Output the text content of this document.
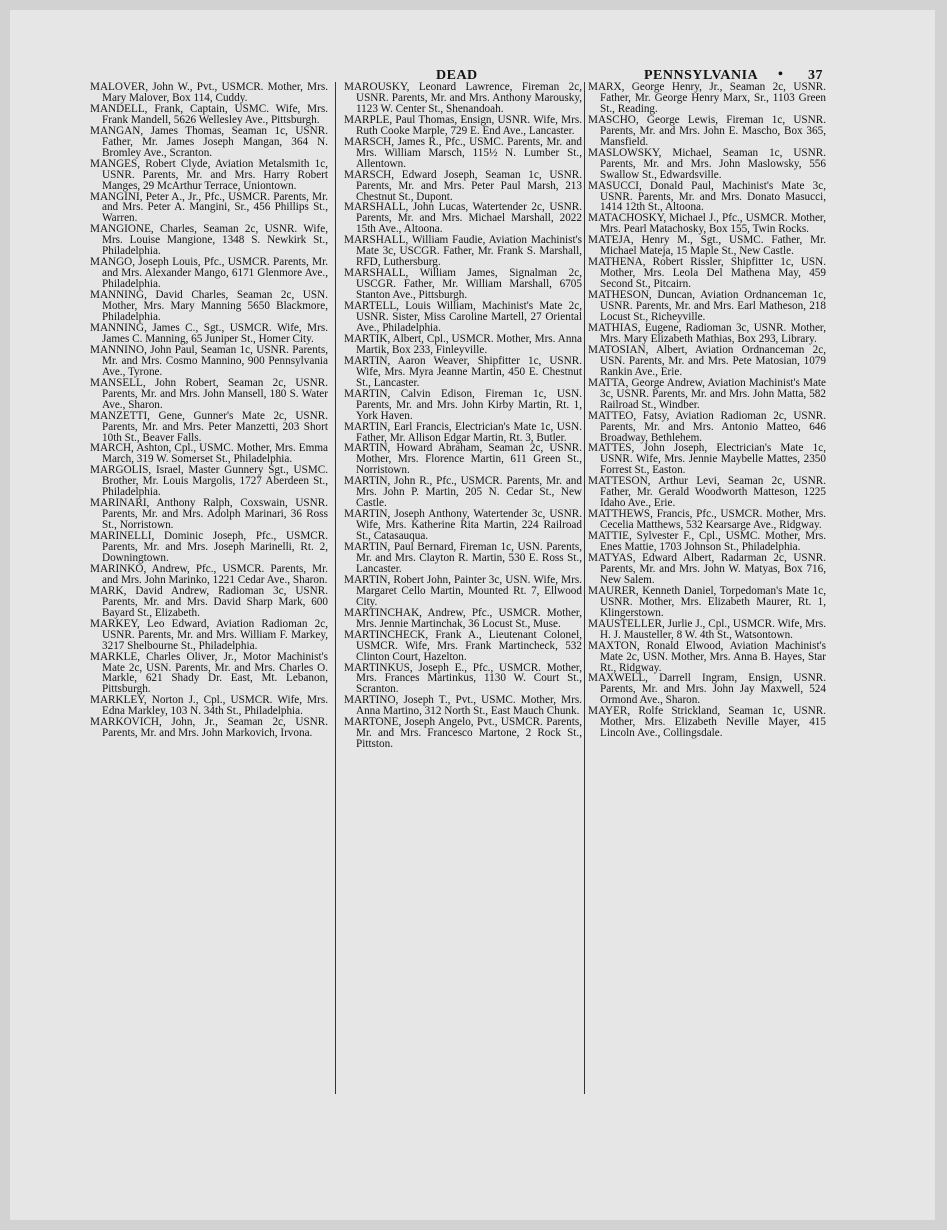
DEAD	PENNSYLVANIA • 37

MALOVER, John W., Pvt., USMCR. Mother, Mrs. Mary Malover, Box 114, Cuddy.

MANDELL, Frank, Captain, USMC. Wife, Mrs. Frank Mandell, 5626 Wellesley Ave., Pittsburgh.

MANGAN, James Thomas, Seaman 1c, USNR. Father, Mr. James Joseph Mangan, 364 N. Bromley Ave., Scranton.

MANGES, Robert Clyde, Aviation Metalsmith 1c, USNR. Parents, Mr. and Mrs. Harry Robert Manges, 29 McArthur Terrace, Uniontown.

MANGINI, Peter A., Jr., Pfc., USMCR. Parents, Mr. and Mrs. Peter A. Mangini, Sr., 456 Phillips St., Warren.

MANGIONE, Charles, Seaman 2c, USNR. Wife, Mrs. Louise Mangione, 1348 S. Newkirk St., Philadelphia.

MANGO, Joseph Louis, Pfc., USMCR. Parents, Mr. and Mrs. Alexander Mango, 6171 Glenmore Ave., Philadelphia.

MANNING, David Charles, Seaman 2c, USN. Mother, Mrs. Mary Manning 5650 Blackmore, Philadelphia.

MANNING, James C., Sgt., USMCR. Wife, Mrs. James C. Manning, 65 Juniper St., Homer City.

MANNINO, John Paul, Seaman 1c, USNR. Parents, Mr. and Mrs. Cosmo Mannino, 900 Pennsylvania Ave., Tyrone.

MANSELL, John Robert, Seaman 2c, USNR. Parents, Mr. and Mrs. John Mansell, 180 S. Water Ave., Sharon.

MANZETTI, Gene, Gunner's Mate 2c, USNR. Parents, Mr. and Mrs. Peter Manzetti, 203 Short 10th St., Beaver Falls.

MARCH, Ashton, Cpl., USMC. Mother, Mrs. Emma March, 319 W. Somerset St., Philadelphia.

MARGOLIS, Israel, Master Gunnery Sgt., USMC. Brother, Mr. Louis Margolis, 1727 Aberdeen St., Philadelphia.

MARINARI, Anthony Ralph, Coxswain, USNR. Parents, Mr. and Mrs. Adolph Marinari, 36 Ross St., Norristown.

MARINELLI, Dominic Joseph, Pfc., USMCR. Parents, Mr. and Mrs. Joseph Marinelli, Rt. 2, Downingtown.

MARINKO, Andrew, Pfc., USMCR. Parents, Mr. and Mrs. John Marinko, 1221 Cedar Ave., Sharon.

MARK, David Andrew, Radioman 3c, USNR. Parents, Mr. and Mrs. David Sharp Mark, 600 Bayard St., Elizabeth.

MARKEY, Leo Edward, Aviation Radioman 2c, USNR. Parents, Mr. and Mrs. William F. Markey, 3217 Shelbourne St., Philadelphia.

MARKLE, Charles Oliver, Jr., Motor Machinist's Mate 2c, USN. Parents, Mr. and Mrs. Charles O. Markle, 621 Shady Dr. East, Mt. Lebanon, Pittsburgh.

MARKLEY, Norton J., Cpl., USMCR. Wife, Mrs. Edna Markley, 103 N. 34th St., Philadelphia.

MARKOVICH, John, Jr., Seaman 2c, USNR. Parents, Mr. and Mrs. John Markovich, Irvona.

MAROUSKY, Leonard Lawrence, Fireman 2c, USNR. Parents, Mr. and Mrs. Anthony Marousky, 1123 W. Center St., Shenandoah.

MARPLE, Paul Thomas, Ensign, USNR. Wife, Mrs. Ruth Cooke Marple, 729 E. End Ave., Lancaster.

MARSCH, James R., Pfc., USMC. Parents, Mr. and Mrs. William Marsch, 115½ N. Lumber St., Allentown.

MARSCH, Edward Joseph, Seaman 1c, USNR. Parents, Mr. and Mrs. Peter Paul Marsh, 213 Chestnut St., Dupont.

MARSHALL, John Lucas, Watertender 2c, USNR. Parents, Mr. and Mrs. Michael Marshall, 2022 15th Ave., Altoona.

MARSHALL, William Faudie, Aviation Machinist's Mate 3c, USCGR. Father, Mr. Frank S. Marshall, RFD, Luthersburg.

MARSHALL, William James, Signalman 2c, USCGR. Father, Mr. William Marshall, 6705 Stanton Ave., Pittsburgh.

MARTELL, Louis William, Machinist's Mate 2c, USNR. Sister, Miss Caroline Martell, 27 Oriental Ave., Philadelphia.

MARTIK, Albert, Cpl., USMCR. Mother, Mrs. Anna Martik, Box 233, Finleyville.

MARTIN, Aaron Weaver, Shipfitter 1c, USNR. Wife, Mrs. Myra Jeanne Martin, 450 E. Chestnut St., Lancaster.

MARTIN, Calvin Edison, Fireman 1c, USN. Parents, Mr. and Mrs. John Kirby Martin, Rt. 1, York Haven.

MARTIN, Earl Francis, Electrician's Mate 1c, USN. Father, Mr. Allison Edgar Martin, Rt. 3, Butler.

MARTIN, Howard Abraham, Seaman 2c, USNR. Mother, Mrs. Florence Martin, 611 Green St., Norristown.

MARTIN, John R., Pfc., USMCR. Parents, Mr. and Mrs. John P. Martin, 205 N. Cedar St., New Castle.

MARTIN, Joseph Anthony, Watertender 3c, USNR. Wife, Mrs. Katherine Rita Martin, 224 Railroad St., Catasauqua.

MARTIN, Paul Bernard, Fireman 1c, USN. Parents, Mr. and Mrs. Clayton R. Martin, 530 E. Ross St., Lancaster.

MARTIN, Robert John, Painter 3c, USN. Wife, Mrs. Margaret Cello Martin, Mounted Rt. 7, Ellwood City.

MARTINCHAK, Andrew, Pfc., USMCR. Mother, Mrs. Jennie Martinchak, 36 Locust St., Muse.

MARTINCHECK, Frank A., Lieutenant Colonel, USMCR. Wife, Mrs. Frank Martincheck, 532 Clinton Court, Hazelton.

MARTINKUS, Joseph E., Pfc., USMCR. Mother, Mrs. Frances Martinkus, 1130 W. Court St., Scranton.

MARTINO, Joseph T., Pvt., USMC. Mother, Mrs. Anna Martino, 312 North St., East Mauch Chunk.

MARTONE, Joseph Angelo, Pvt., USMCR. Parents, Mr. and Mrs. Francesco Martone, 2 Rock St., Pittston.

MARX, George Henry, Jr., Seaman 2c, USNR. Father, Mr. George Henry Marx, Sr., 1103 Green St., Reading.

MASCHO, George Lewis, Fireman 1c, USNR. Parents, Mr. and Mrs. John E. Mascho, Box 365, Mansfield.

MASLOWSKY, Michael, Seaman 1c, USNR. Parents, Mr. and Mrs. John Maslowsky, 556 Swallow St., Edwardsville.

MASUCCI, Donald Paul, Machinist's Mate 3c, USNR. Parents, Mr. and Mrs. Donato Masucci, 1414 12th St., Altoona.

MATACHOSKY, Michael J., Pfc., USMCR. Mother, Mrs. Pearl Matachosky, Box 155, Twin Rocks.

MATEJA, Henry M., Sgt., USMC. Father, Mr. Michael Mateja, 15 Maple St., New Castle.

MATHENA, Robert Rissler, Shipfitter 1c, USN. Mother, Mrs. Leola Del Mathena May, 459 Second St., Pitcairn.

MATHESON, Duncan, Aviation Ordnanceman 1c, USNR. Parents, Mr. and Mrs. Earl Matheson, 218 Locust St., Richeyville.

MATHIAS, Eugene, Radioman 3c, USNR. Mother, Mrs. Mary Elizabeth Mathias, Box 293, Library.

MATOSIAN, Albert, Aviation Ordnanceman 2c, USN. Parents, Mr. and Mrs. Pete Matosian, 1079 Rankin Ave., Erie.

MATTA, George Andrew, Aviation Machinist's Mate 3c, USNR. Parents, Mr. and Mrs. John Matta, 582 Railroad St., Windber.

MATTEO, Fatsy, Aviation Radioman 2c, USNR. Parents, Mr. and Mrs. Antonio Matteo, 646 Broadway, Bethlehem.

MATTES, John Joseph, Electrician's Mate 1c, USNR. Wife, Mrs. Jennie Maybelle Mattes, 2350 Forrest St., Easton.

MATTESON, Arthur Levi, Seaman 2c, USNR. Father, Mr. Gerald Woodworth Matteson, 1225 Idaho Ave., Erie.

MATTHEWS, Francis, Pfc., USMCR. Mother, Mrs. Cecelia Matthews, 532 Kearsarge Ave., Ridgway.

MATTIE, Sylvester F., Cpl., USMC. Mother, Mrs. Enes Mattie, 1703 Johnson St., Philadelphia.

MATYAS, Edward Albert, Radarman 2c, USNR. Parents, Mr. and Mrs. John W. Matyas, Box 716, New Salem.

MAURER, Kenneth Daniel, Torpedoman's Mate 1c, USNR. Mother, Mrs. Elizabeth Maurer, Rt. 1, Klingerstown.

MAUSTELLER, Jurlie J., Cpl., USMCR. Wife, Mrs. H. J. Mausteller, 8 W. 4th St., Watsontown.

MAXTON, Ronald Elwood, Aviation Machinist's Mate 2c, USN. Mother, Mrs. Anna B. Hayes, Star Rt., Ridgway.

MAXWELL, Darrell Ingram, Ensign, USNR. Parents, Mr. and Mrs. John Jay Maxwell, 524 Ormond Ave., Sharon.

MAYER, Rolfe Strickland, Seaman 1c, USNR. Mother, Mrs. Elizabeth Neville Mayer, 415 Lincoln Ave., Collingsdale.
